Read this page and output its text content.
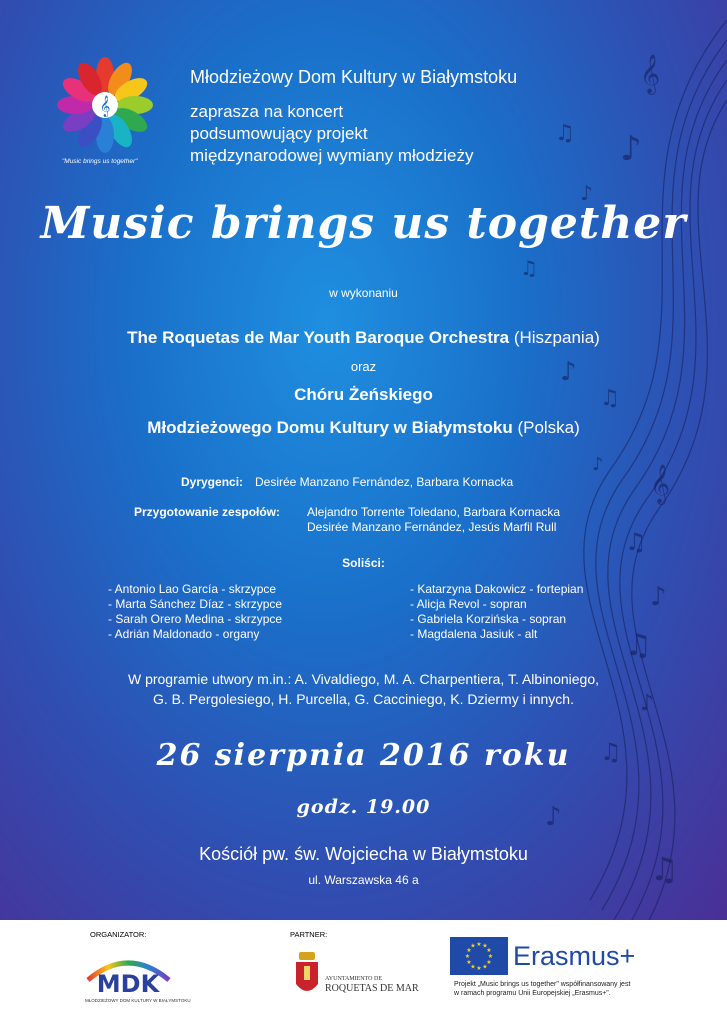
𝄞
𝄞
♪
♫
♪
♫
♪
♫
♪
♫
♪
♫
♪
♫
♪
♫
𝄞
"Music brings us together"
Młodzieżowy Dom Kultury w Białymstoku
zaprasza na koncert
podsumowujący projekt
międzynarodowej wymiany młodzieży
Music brings us together
w wykonaniu
The Roquetas de Mar Youth Baroque Orchestra (Hiszpania)
oraz
Chóru Żeńskiego
Młodzieżowego Domu Kultury w Białymstoku (Polska)
Dyrygenci: Desirée Manzano Fernández, Barbara Kornacka
Przygotowanie zespołów: Alejandro Torrente Toledano, Barbara Kornacka
Desirée Manzano Fernández, Jesús Marfil Rull
Soliści:
- Antonio Lao García - skrzypce
- Marta Sánchez Díaz - skrzypce
- Sarah Orero Medina - skrzypce
- Adrián Maldonado - organy
- Katarzyna Dakowicz - fortepian
- Alicja Revol - sopran
- Gabriela Korzińska - sopran
- Magdalena Jasiuk - alt
W programie utwory m.in.: A. Vivaldiego, M. A. Charpentiera, T. Albinoniego,
G. B. Pergolesiego, H. Purcella, G. Cacciniego, K. Dziermy i innych.
26 sierpnia 2016 roku
godz. 19.00
Kościół pw. św. Wojciecha w Białymstoku
ul. Warszawska 46 a
ORGANIZATOR:
MDK
MŁODZIEŻOWY DOM KULTURY W BIAŁYMSTOKU
PARTNER:
AYUNTAMIENTO DE
ROQUETAS DE MAR
★ ★
★
★
★
★
★
★
★
★
★
★ Erasmus+
Projekt „Music brings us together" współfinansowany jest
w ramach programu Unii Europejskiej „Erasmus+".
